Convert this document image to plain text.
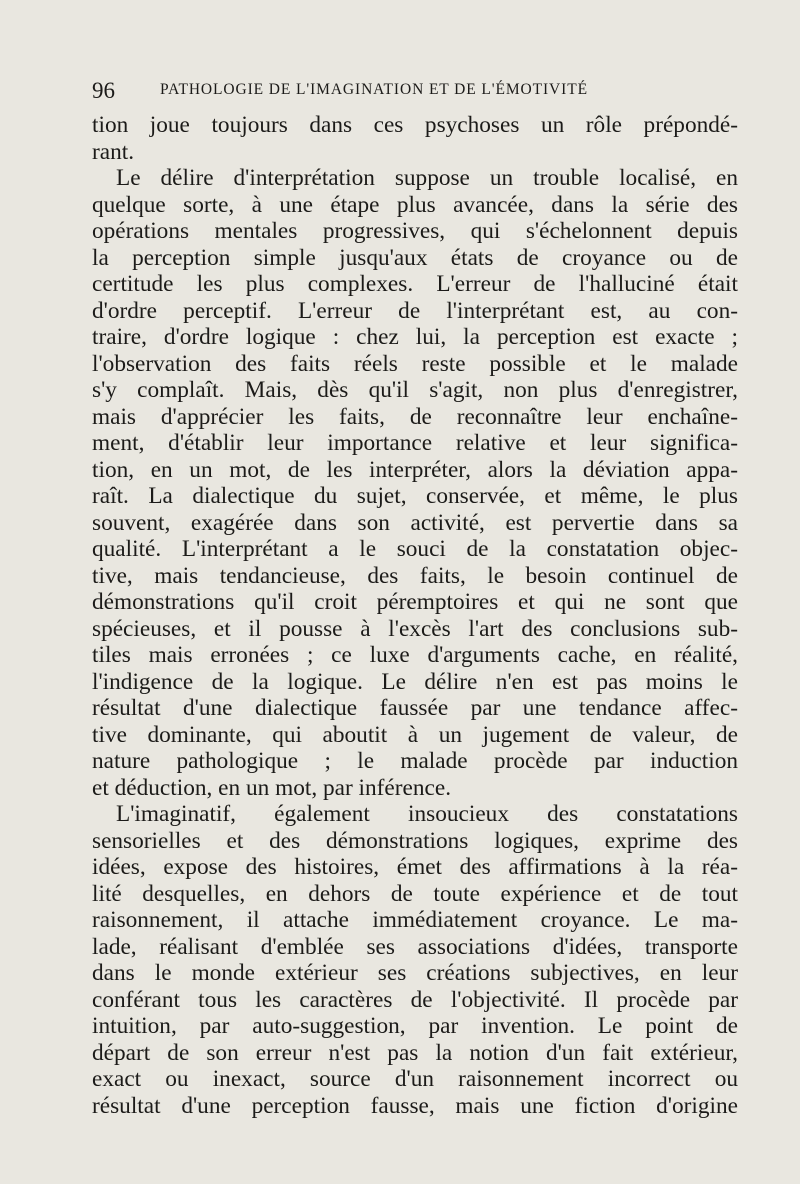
96	PATHOLOGIE DE L'IMAGINATION ET DE L'ÉMOTIVITÉ
tion joue toujours dans ces psychoses un rôle prépondé-
rant.
Le délire d'interprétation suppose un trouble localisé, en
quelque sorte, à une étape plus avancée, dans la série des
opérations mentales progressives, qui s'échelonnent depuis
la perception simple jusqu'aux états de croyance ou de
certitude les plus complexes. L'erreur de l'halluciné était
d'ordre perceptif. L'erreur de l'interprétant est, au con-
traire, d'ordre logique : chez lui, la perception est exacte ;
l'observation des faits réels reste possible et le malade
s'y complaît. Mais, dès qu'il s'agit, non plus d'enregistrer,
mais d'apprécier les faits, de reconnaître leur enchaîne-
ment, d'établir leur importance relative et leur significa-
tion, en un mot, de les interpréter, alors la déviation appa-
raît. La dialectique du sujet, conservée, et même, le plus
souvent, exagérée dans son activité, est pervertie dans sa
qualité. L'interprétant a le souci de la constatation objec-
tive, mais tendancieuse, des faits, le besoin continuel de
démonstrations qu'il croit péremptoires et qui ne sont que
spécieuses, et il pousse à l'excès l'art des conclusions sub-
tiles mais erronées ; ce luxe d'arguments cache, en réalité,
l'indigence de la logique. Le délire n'en est pas moins le
résultat d'une dialectique faussée par une tendance affec-
tive dominante, qui aboutit à un jugement de valeur, de
nature pathologique ; le malade procède par induction
et déduction, en un mot, par inférence.
L'imaginatif, également insoucieux des constatations
sensorielles et des démonstrations logiques, exprime des
idées, expose des histoires, émet des affirmations à la réa-
lité desquelles, en dehors de toute expérience et de tout
raisonnement, il attache immédiatement croyance. Le ma-
lade, réalisant d'emblée ses associations d'idées, transporte
dans le monde extérieur ses créations subjectives, en leur
conférant tous les caractères de l'objectivité. Il procède par
intuition, par auto-suggestion, par invention. Le point de
départ de son erreur n'est pas la notion d'un fait extérieur,
exact ou inexact, source d'un raisonnement incorrect ou
résultat d'une perception fausse, mais une fiction d'origine
